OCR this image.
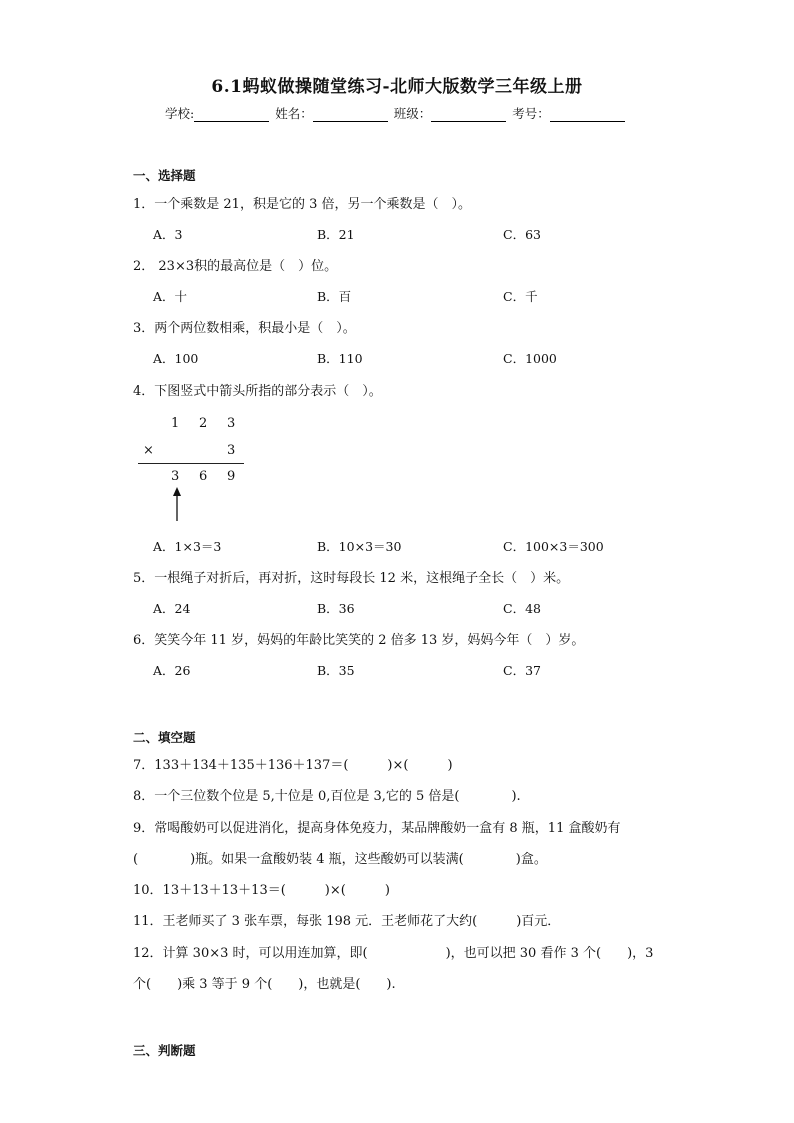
6.1蚂蚁做操随堂练习-北师大版数学三年级上册
学校:	姓名：	班级：	考号：
一、选择题
1．一个乘数是 21，积是它的 3 倍，另一个乘数是（　）。
A．3	B．21	C．63
2． 23×3积的最高位是（　）位。
A．十	B．百	C．千
3．两个两位数相乘，积最小是（　）。
A．100	B．110	C．1000
4．下图竖式中箭头所指的部分表示（　）。
1 2 3
×	3
3 6 9
A．1×3＝3	B．10×3＝30	C．100×3＝300
5．一根绳子对折后，再对折，这时每段长 12 米，这根绳子全长（　）米。
A．24	B．36	C．48
6．笑笑今年 11 岁，妈妈的年龄比笑笑的 2 倍多 13 岁，妈妈今年（　）岁。
A．26	B．35	C．37
二、填空题
7．133＋134＋135＋136＋137＝(　　　)×(　　　)
8．一个三位数个位是 5,十位是 0,百位是 3,它的 5 倍是(　　　　).
9．常喝酸奶可以促进消化，提高身体免疫力，某品牌酸奶一盒有 8 瓶，11 盒酸奶有
(　　　　)瓶。如果一盒酸奶装 4 瓶，这些酸奶可以装满(　　　　)盒。
10．13＋13＋13＋13＝(　　　)×(　　　)
11．王老师买了 3 张车票，每张 198 元．王老师花了大约(　　　)百元．
12．计算 30×3 时，可以用连加算，即(　　　　　　)，也可以把 30 看作 3 个(　　)，3
个(　　)乘 3 等于 9 个(　　)，也就是(　　).
三、判断题
